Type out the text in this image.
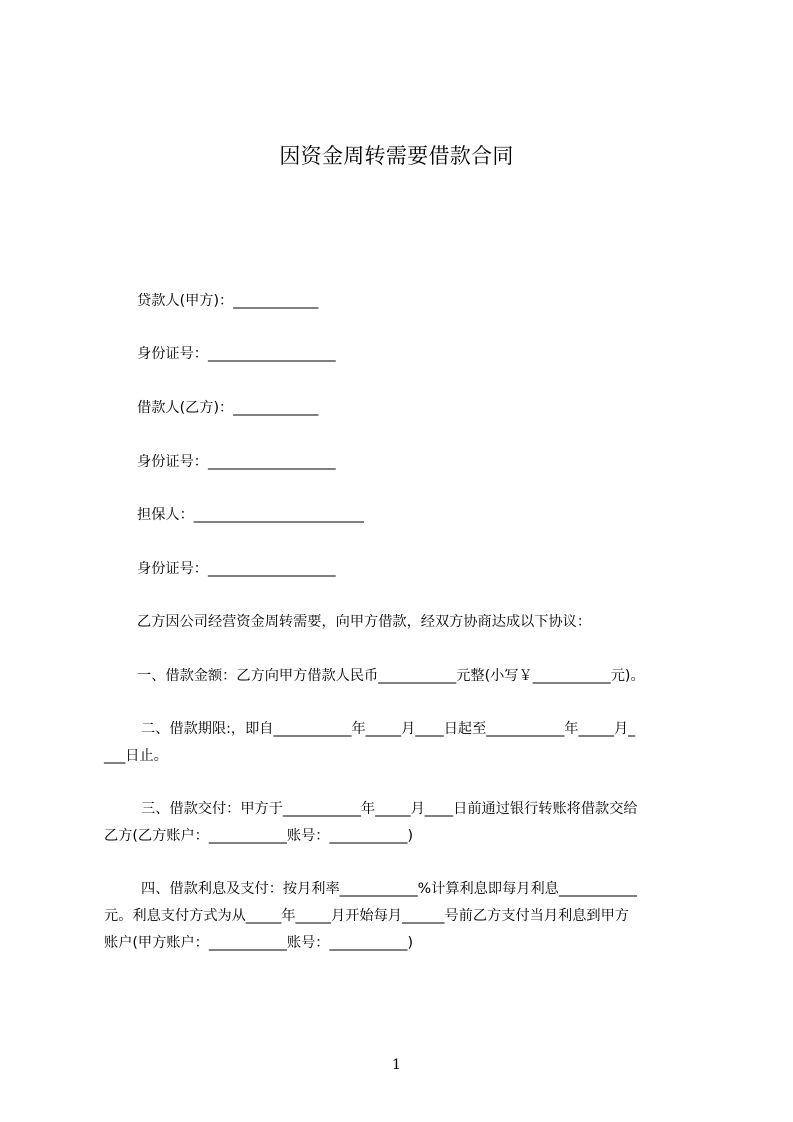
因资金周转需要借款合同
贷款人(甲方)：____________
身份证号：__________________
借款人(乙方)：____________
身份证号：__________________
担保人：________________________
身份证号：__________________
乙方因公司经营资金周转需要，向甲方借款，经双方协商达成以下协议：
一、借款金额：乙方向甲方借款人民币___________元整(小写￥___________元)。
二、借款期限:，即自___________年_____月____日起至___________年_____月_
___日止。
三、借款交付：甲方于___________年_____月____日前通过银行转账将借款交给
乙方(乙方账户：___________账号：___________)
四、借款利息及支付：按月利率___________%计算利息即每月利息___________
元。利息支付方式为从_____年_____月开始每月______号前乙方支付当月利息到甲方
账户(甲方账户：___________账号：___________)
1
